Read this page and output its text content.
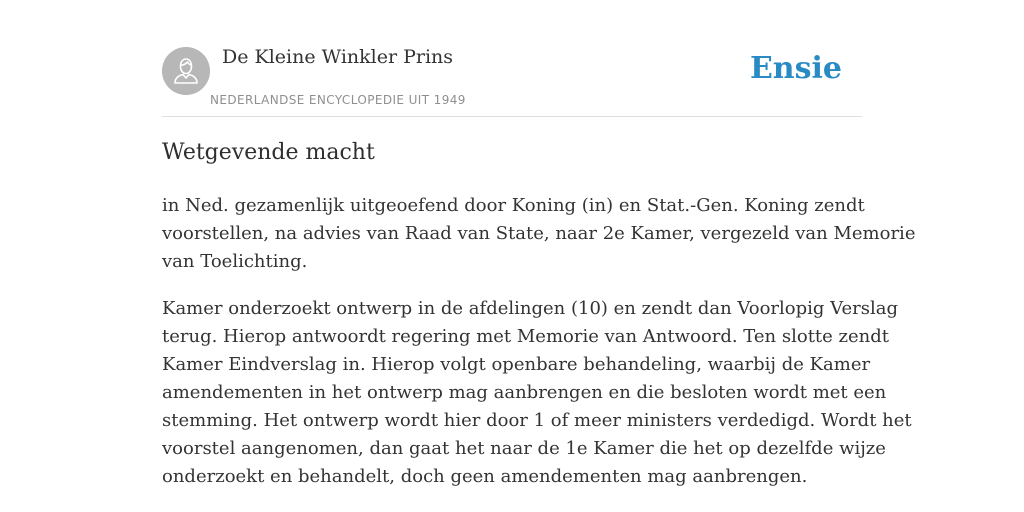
De Kleine Winkler Prins
NEDERLANDSE ENCYCLOPEDIE UIT 1949
Ensie
Wetgevende macht

in Ned. gezamenlijk uitgeoefend door Koning (in) en Stat.-Gen. Koning zendt
voorstellen, na advies van Raad van State, naar 2e Kamer, vergezeld van Memorie
van Toelichting.

Kamer onderzoekt ontwerp in de afdelingen (10) en zendt dan Voorlopig Verslag
terug. Hierop antwoordt regering met Memorie van Antwoord. Ten slotte zendt
Kamer Eindverslag in. Hierop volgt openbare behandeling, waarbij de Kamer
amendementen in het ontwerp mag aanbrengen en die besloten wordt met een
stemming. Het ontwerp wordt hier door 1 of meer ministers verdedigd. Wordt het
voorstel aangenomen, dan gaat het naar de 1e Kamer die het op dezelfde wijze
onderzoekt en behandelt, doch geen amendementen mag aanbrengen.
